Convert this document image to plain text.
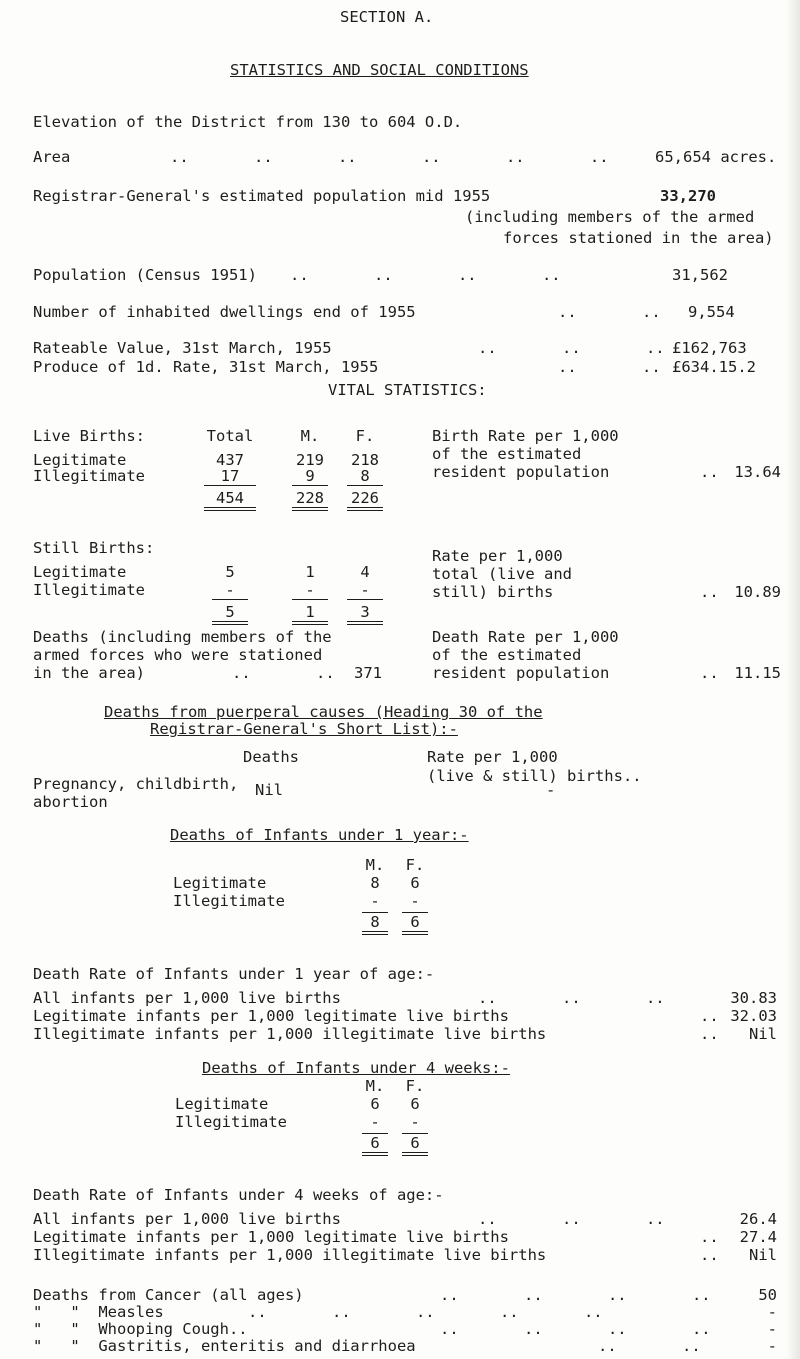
SECTION A.
STATISTICS AND SOCIAL CONDITIONS
Elevation of the District from 130 to 604 O.D.
Area	..       ..       ..       ..       ..       ..	65,654 acres.
Registrar-General's estimated population mid 1955	33,270
(including members of the armed
forces stationed in the area)
Population (Census 1951) ..       ..       ..       ..	31,562
Number of inhabited dwellings end of 1955	..       .. 9,554
Rateable Value, 31st March, 1955	..       ..       .. £162,763
Produce of 1d. Rate, 31st March, 1955	..       .. £634.15.2
VITAL STATISTICS:
Live Births:	Total	M.	F.
Legitimate	437	219	218
Illegitimate	17	9	8
454	228 226
Birth Rate per 1,000
of the estimated
resident population	..	13.64
Still Births:
Legitimate	5	1	4
Illegitimate	-	-	-
5	1	3
Rate per 1,000
total (live and
still) births	..	10.89
Deaths (including members of the
armed forces who were stationed
in the area)	..       .. 371
Death Rate per 1,000
of the estimated
resident population	..	11.15
Deaths from puerperal causes (Heading 30 of the
Registrar-General's Short List):-
Deaths	Rate per 1,000
(live & still) births..
Pregnancy, childbirth,
abortion
Nil	-
Deaths of Infants under 1 year:-
M.	F.
Legitimate	8	6
Illegitimate	-	-
8	6
Death Rate of Infants under 1 year of age:-
All infants per 1,000 live births	..       ..       ..	30.83
Legitimate infants per 1,000 legitimate live births	.. 32.03
Illegitimate infants per 1,000 illegitimate live births	..	Nil
Deaths of Infants under 4 weeks:-
M.	F.
Legitimate	6	6
Illegitimate	-	-
6	6
Death Rate of Infants under 4 weeks of age:-
All infants per 1,000 live births	..       ..       ..	26.4
Legitimate infants per 1,000 legitimate live births	..	27.4
Illegitimate infants per 1,000 illegitimate live births	..	Nil
Deaths from Cancer (all ages)	..       ..       ..       ..	50
"   "  Measles	..       ..       ..       ..       ..	-
"   "  Whooping Cough..	..       ..       ..       ..	-
"   "  Gastritis, enteritis and diarrhoea	..       ..	-
